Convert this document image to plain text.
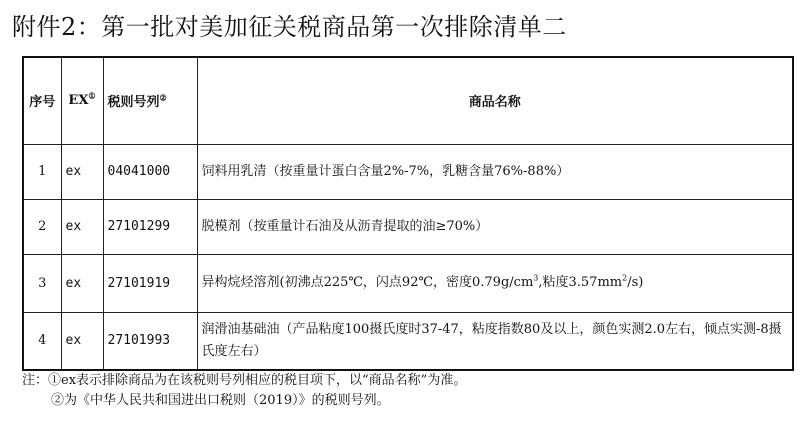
附件2：第一批对美加征关税商品第一次排除清单二
序号	EX①	税则号列②	商品名称
1	ex	04041000	饲料用乳清（按重量计蛋白含量2%-7%，乳糖含量76%-88%）
2	ex	27101299	脱模剂（按重量计石油及从沥青提取的油≥70%）
3	ex	27101919	异构烷烃溶剂(初沸点225℃，闪点92℃，密度$0.79g/cm^3$,粘度$3.57mm^2/s$)
4	ex	27101993	润滑油基础油（产品粘度100摄氏度时37-47，粘度指数80及以上，颜色实测2.0左右，倾点实测-8摄氏度左右）
注：①ex表示排除商品为在该税则号列相应的税目项下，以“商品名称”为准。
②为《中华人民共和国进出口税则（2019）》的税则号列。
